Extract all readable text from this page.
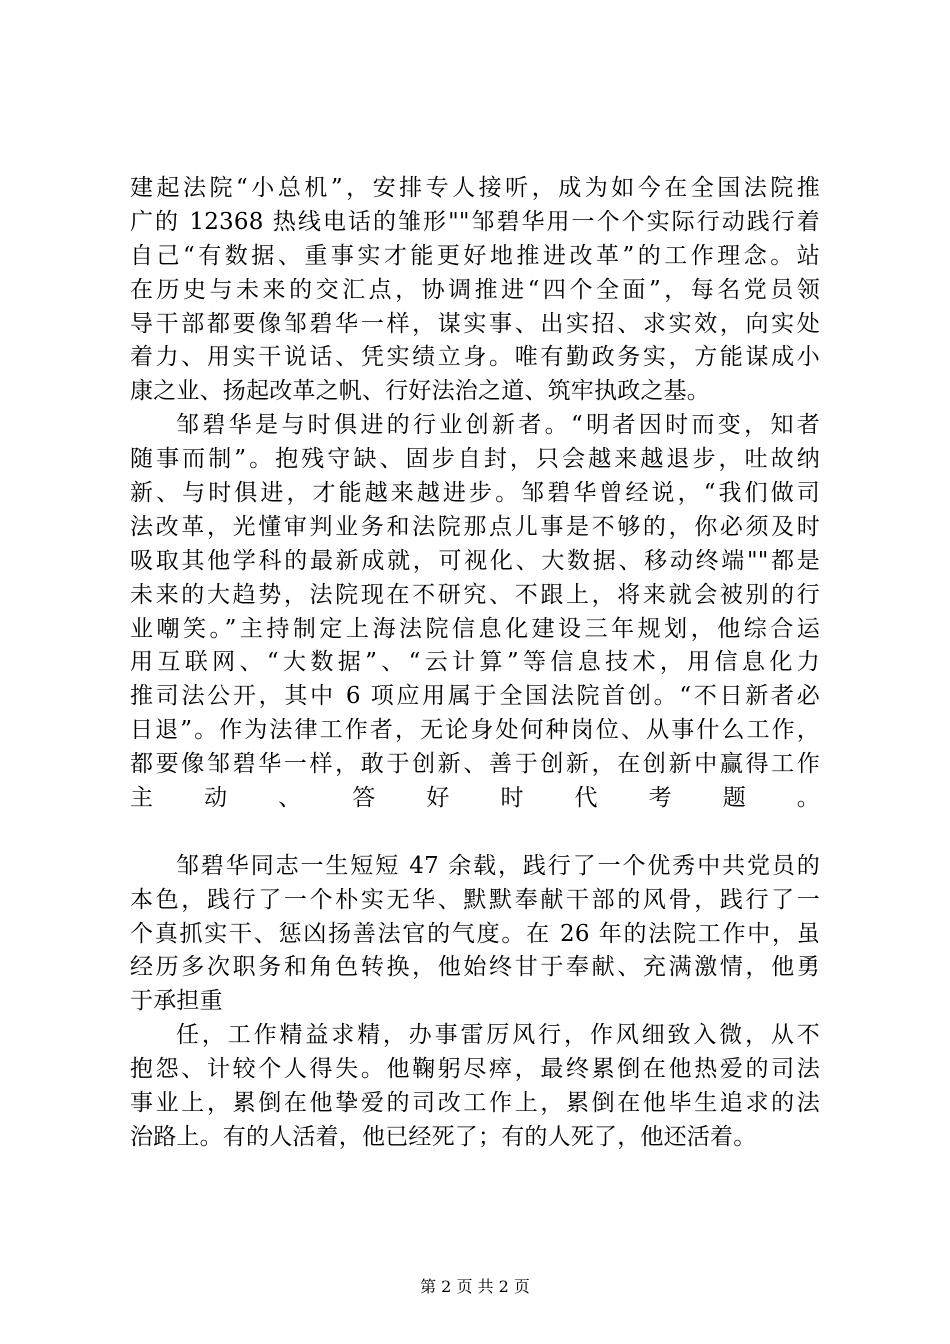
建起法院“小总机”，安排专人接听，成为如今在全国法院推
广的 12368 热线电话的雏形""邹碧华用一个个实际行动践行着
自己“有数据、重事实才能更好地推进改革”的工作理念。站
在历史与未来的交汇点，协调推进“四个全面”，每名党员领
导干部都要像邹碧华一样，谋实事、出实招、求实效，向实处
着力、用实干说话、凭实绩立身。唯有勤政务实，方能谋成小
康之业、扬起改革之帆、行好法治之道、筑牢执政之基。
邹碧华是与时俱进的行业创新者。“明者因时而变，知者
随事而制”。抱残守缺、固步自封，只会越来越退步，吐故纳
新、与时俱进，才能越来越进步。邹碧华曾经说，“我们做司
法改革，光懂审判业务和法院那点儿事是不够的，你必须及时
吸取其他学科的最新成就，可视化、大数据、移动终端""都是
未来的大趋势，法院现在不研究、不跟上，将来就会被别的行
业嘲笑。”主持制定上海法院信息化建设三年规划，他综合运
用互联网、“大数据”、“云计算”等信息技术，用信息化力
推司法公开，其中 6 项应用属于全国法院首创。“不日新者必
日退”。作为法律工作者，无论身处何种岗位、从事什么工作，
都要像邹碧华一样，敢于创新、善于创新，在创新中赢得工作
主动、答好时代考题。
邹碧华同志一生短短 47 余载，践行了一个优秀中共党员的
本色，践行了一个朴实无华、默默奉献干部的风骨，践行了一
个真抓实干、惩凶扬善法官的气度。在 26 年的法院工作中，虽
经历多次职务和角色转换，他始终甘于奉献、充满激情，他勇
于承担重
任，工作精益求精，办事雷厉风行，作风细致入微，从不
抱怨、计较个人得失。他鞠躬尽瘁，最终累倒在他热爱的司法
事业上，累倒在他挚爱的司改工作上，累倒在他毕生追求的法
治路上。有的人活着，他已经死了；有的人死了，他还活着。
第 2 页 共 2 页
